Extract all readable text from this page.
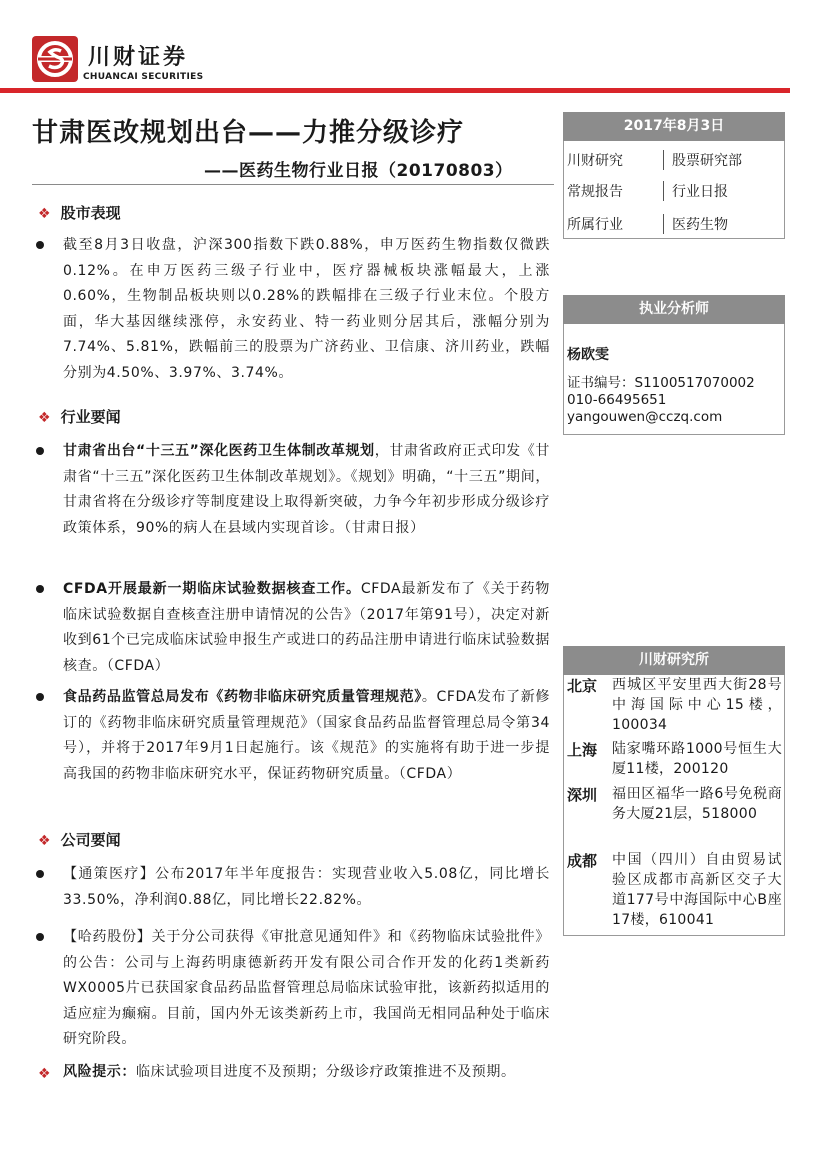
川财证券
CHUANCAI SECURITIES
甘肃医改规划出台——力推分级诊疗
——医药生物行业日报（20170803）
❖ 股市表现
截至8月3日收盘，沪深300指数下跌0.88%，申万医药生物指数仅微跌0.12%。在申万医药三级子行业中，医疗器械板块涨幅最大，上涨0.60%，生物制品板块则以0.28%的跌幅排在三级子行业末位。个股方面，华大基因继续涨停，永安药业、特一药业则分居其后，涨幅分别为7.74%、5.81%，跌幅前三的股票为广济药业、卫信康、济川药业，跌幅分别为4.50%、3.97%、3.74%。
❖ 行业要闻
甘肃省出台“十三五”深化医药卫生体制改革规划，甘肃省政府正式印发《甘肃省“十三五”深化医药卫生体制改革规划》。《规划》明确，“十三五”期间，甘肃省将在分级诊疗等制度建设上取得新突破，力争今年初步形成分级诊疗政策体系，90%的病人在县域内实现首诊。（甘肃日报）
CFDA开展最新一期临床试验数据核查工作。CFDA最新发布了《关于药物临床试验数据自查核查注册申请情况的公告》（2017年第91号），决定对新收到61个已完成临床试验申报生产或进口的药品注册申请进行临床试验数据核查。（CFDA）
食品药品监管总局发布《药物非临床研究质量管理规范》。CFDA发布了新修订的《药物非临床研究质量管理规范》（国家食品药品监督管理总局令第34号），并将于2017年9月1日起施行。该《规范》的实施将有助于进一步提高我国的药物非临床研究水平，保证药物研究质量。（CFDA）
❖ 公司要闻
【通策医疗】公布2017年半年度报告：实现营业收入5.08亿，同比增长33.50%，净利润0.88亿，同比增长22.82%。
【哈药股份】关于分公司获得《审批意见通知件》和《药物临床试验批件》的公告：公司与上海药明康德新药开发有限公司合作开发的化药1类新药WX0005片已获国家食品药品监督管理总局临床试验审批，该新药拟适用的适应症为癫痫。目前，国内外无该类新药上市，我国尚无相同品种处于临床研究阶段。
❖ 风险提示：临床试验项目进度不及预期；分级诊疗政策推进不及预期。
2017年8月3日
川财研究	股票研究部
常规报告	行业日报
所属行业	医药生物
执业分析师
杨欧雯
证书编号：S1100517070002
010-66495651
yangouwen@cczq.com
川财研究所
北京 西城区平安里西大街28号中海国际中心15楼，100034
上海 陆家嘴环路1000号恒生大厦11楼，200120
深圳 福田区福华一路6号免税商务大厦21层，518000
成都 中国（四川）自由贸易试验区成都市高新区交子大道177号中海国际中心B座17楼，610041
